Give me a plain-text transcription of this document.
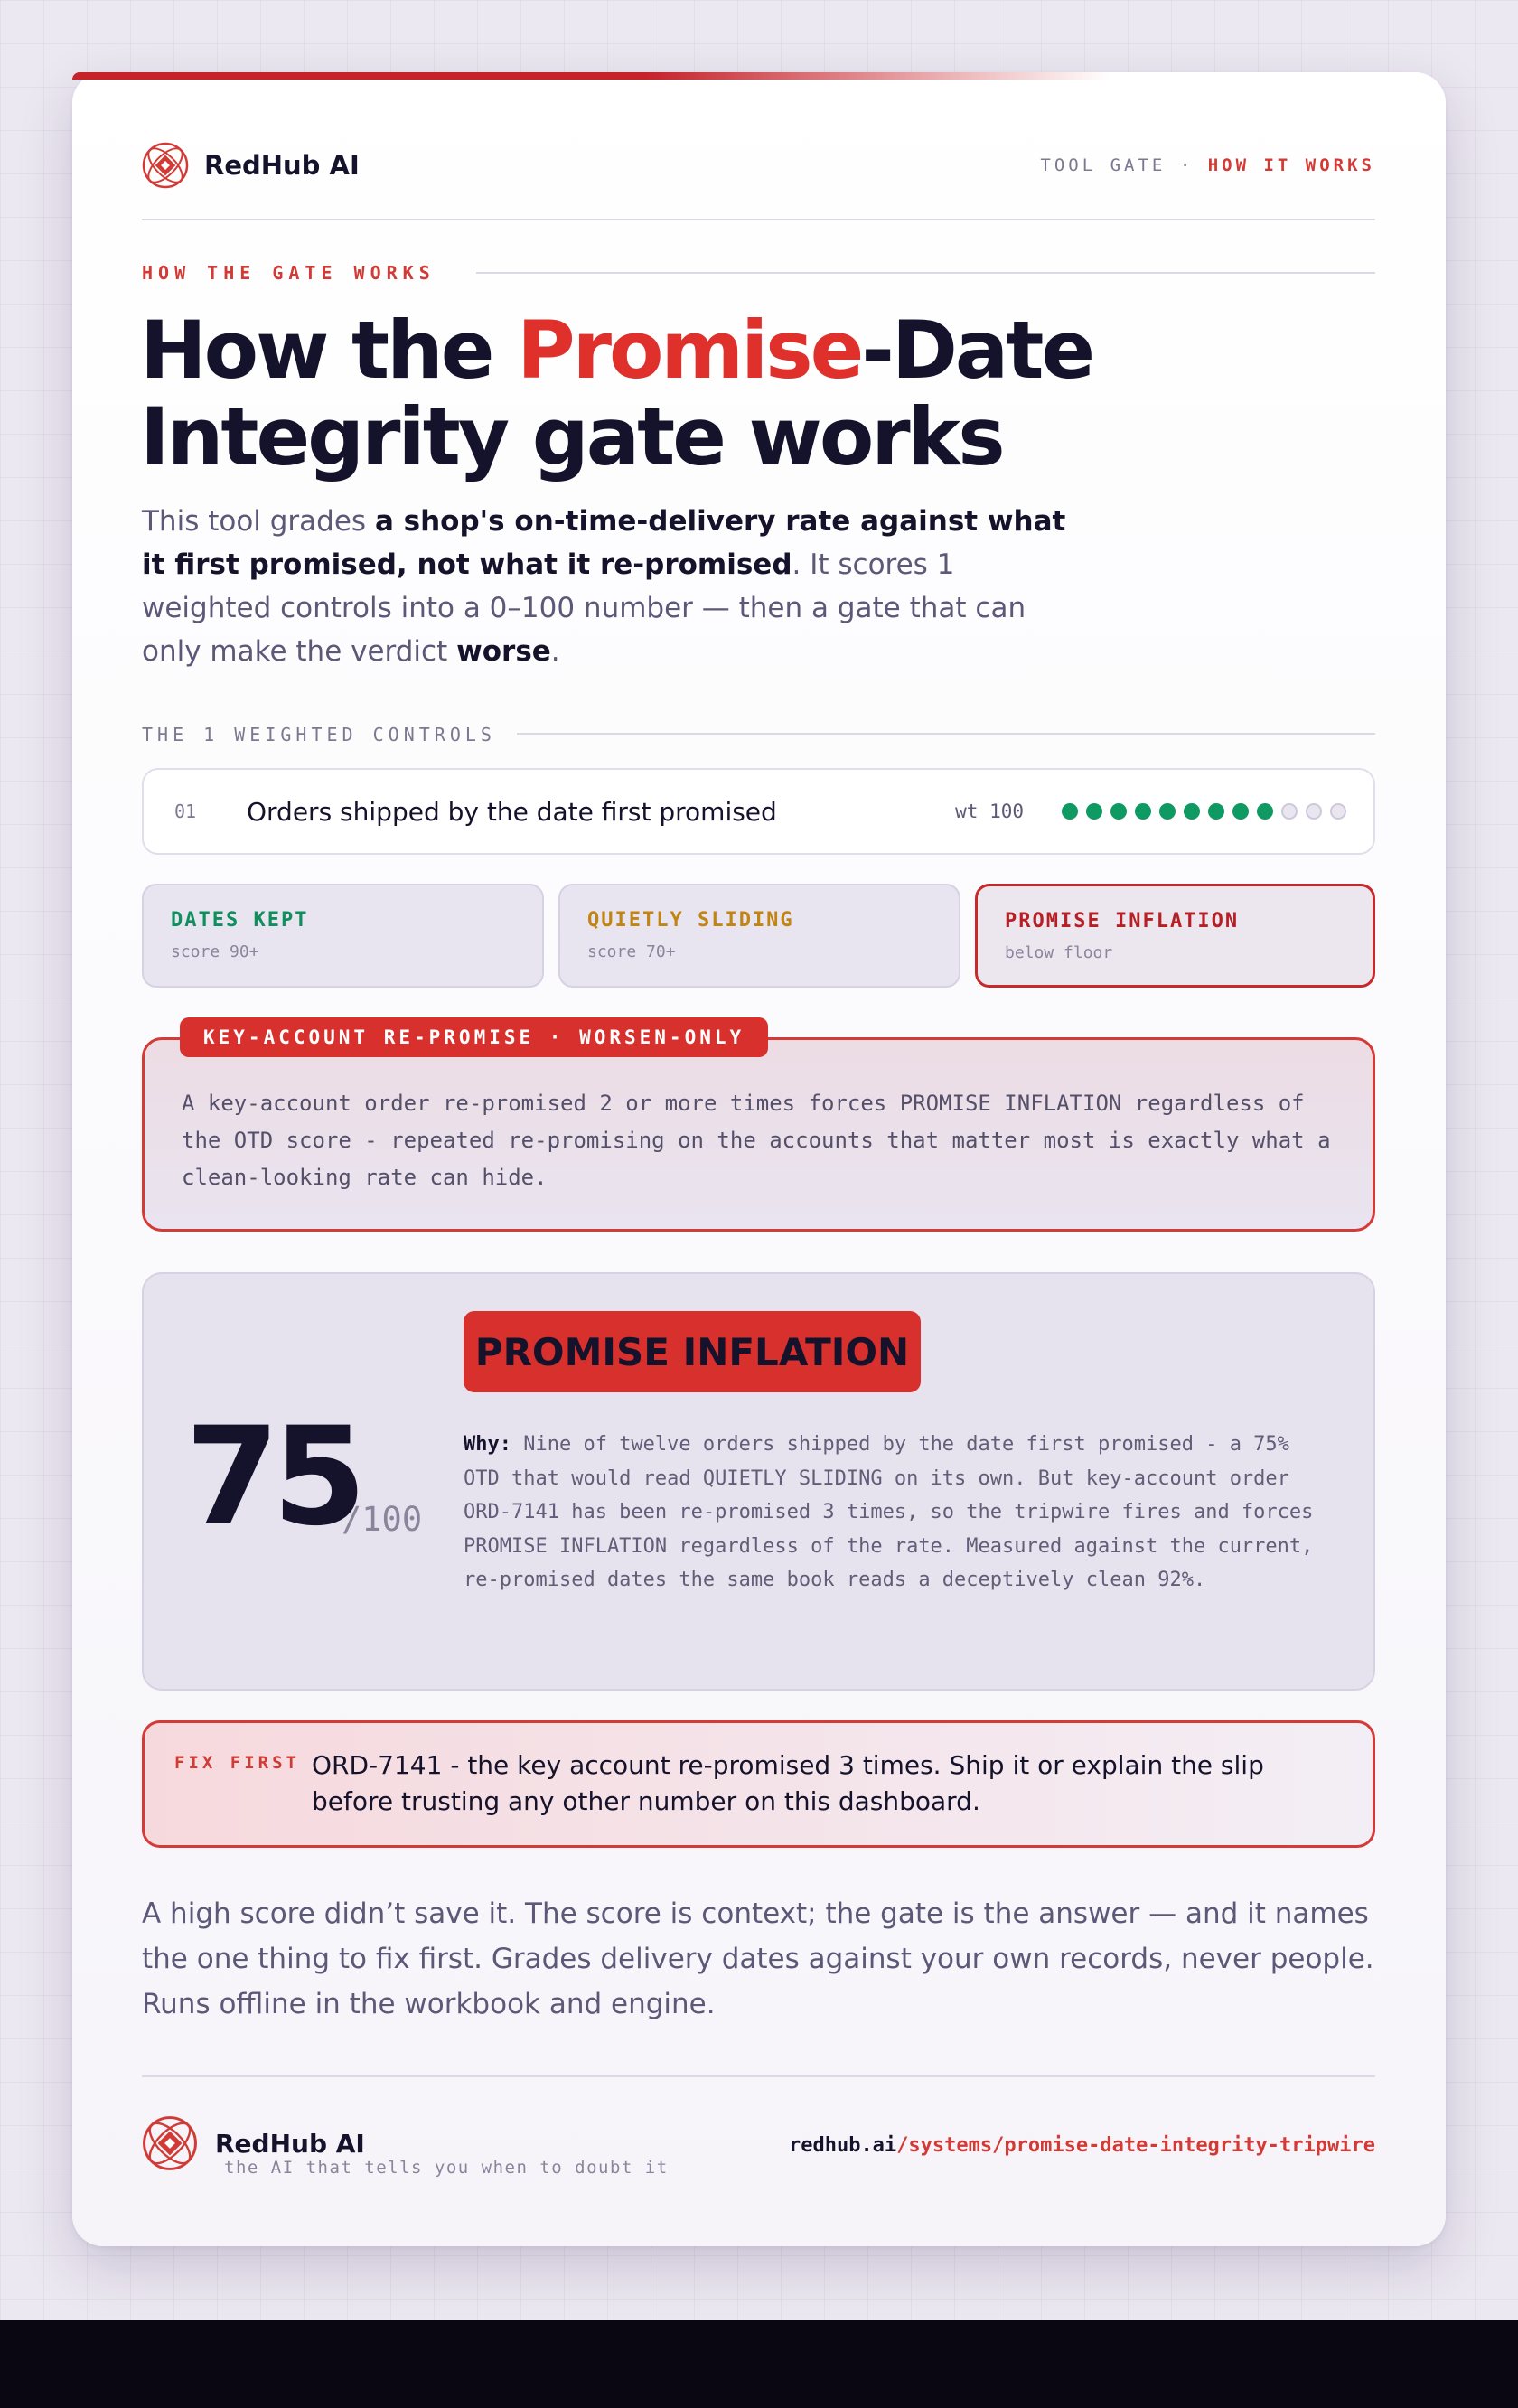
RedHub AI	TOOL GATE · HOW IT WORKS
HOW THE GATE WORKS
How the Promise-Date
Integrity gate works

This tool grades a shop's on-time-delivery rate against what it first promised, not what it re-promised. It scores 1 weighted controls into a 0–100 number — then a gate that can only make the verdict worse.

THE 1 WEIGHTED CONTROLS
01	Orders shipped by the date first promised	wt 100
DATES KEPT
score 90+
QUIETLY SLIDING
score 70+
PROMISE INFLATION
below floor
KEY-ACCOUNT RE-PROMISE · WORSEN-ONLY
A key-account order re-promised 2 or more times forces PROMISE INFLATION regardless of the OTD score - repeated re-promising on the accounts that matter most is exactly what a clean-looking rate can hide.
75
/100
PROMISE INFLATION
Why: Nine of twelve orders shipped by the date first promised - a 75% OTD that would read QUIETLY SLIDING on its own. But key-account order ORD-7141 has been re-promised 3 times, so the tripwire fires and forces PROMISE INFLATION regardless of the rate. Measured against the current, re-promised dates the same book reads a deceptively clean 92%.
FIX FIRST ORD-7141 - the key account re-promised 3 times. Ship it or explain the slip before trusting any other number on this dashboard.

A high score didn’t save it. The score is context; the gate is the answer — and it names the one thing to fix first. Grades delivery dates against your own records, never people. Runs offline in the workbook and engine.

RedHub AI
the AI that tells you when to doubt it
redhub.ai/systems/promise-date-integrity-tripwire
